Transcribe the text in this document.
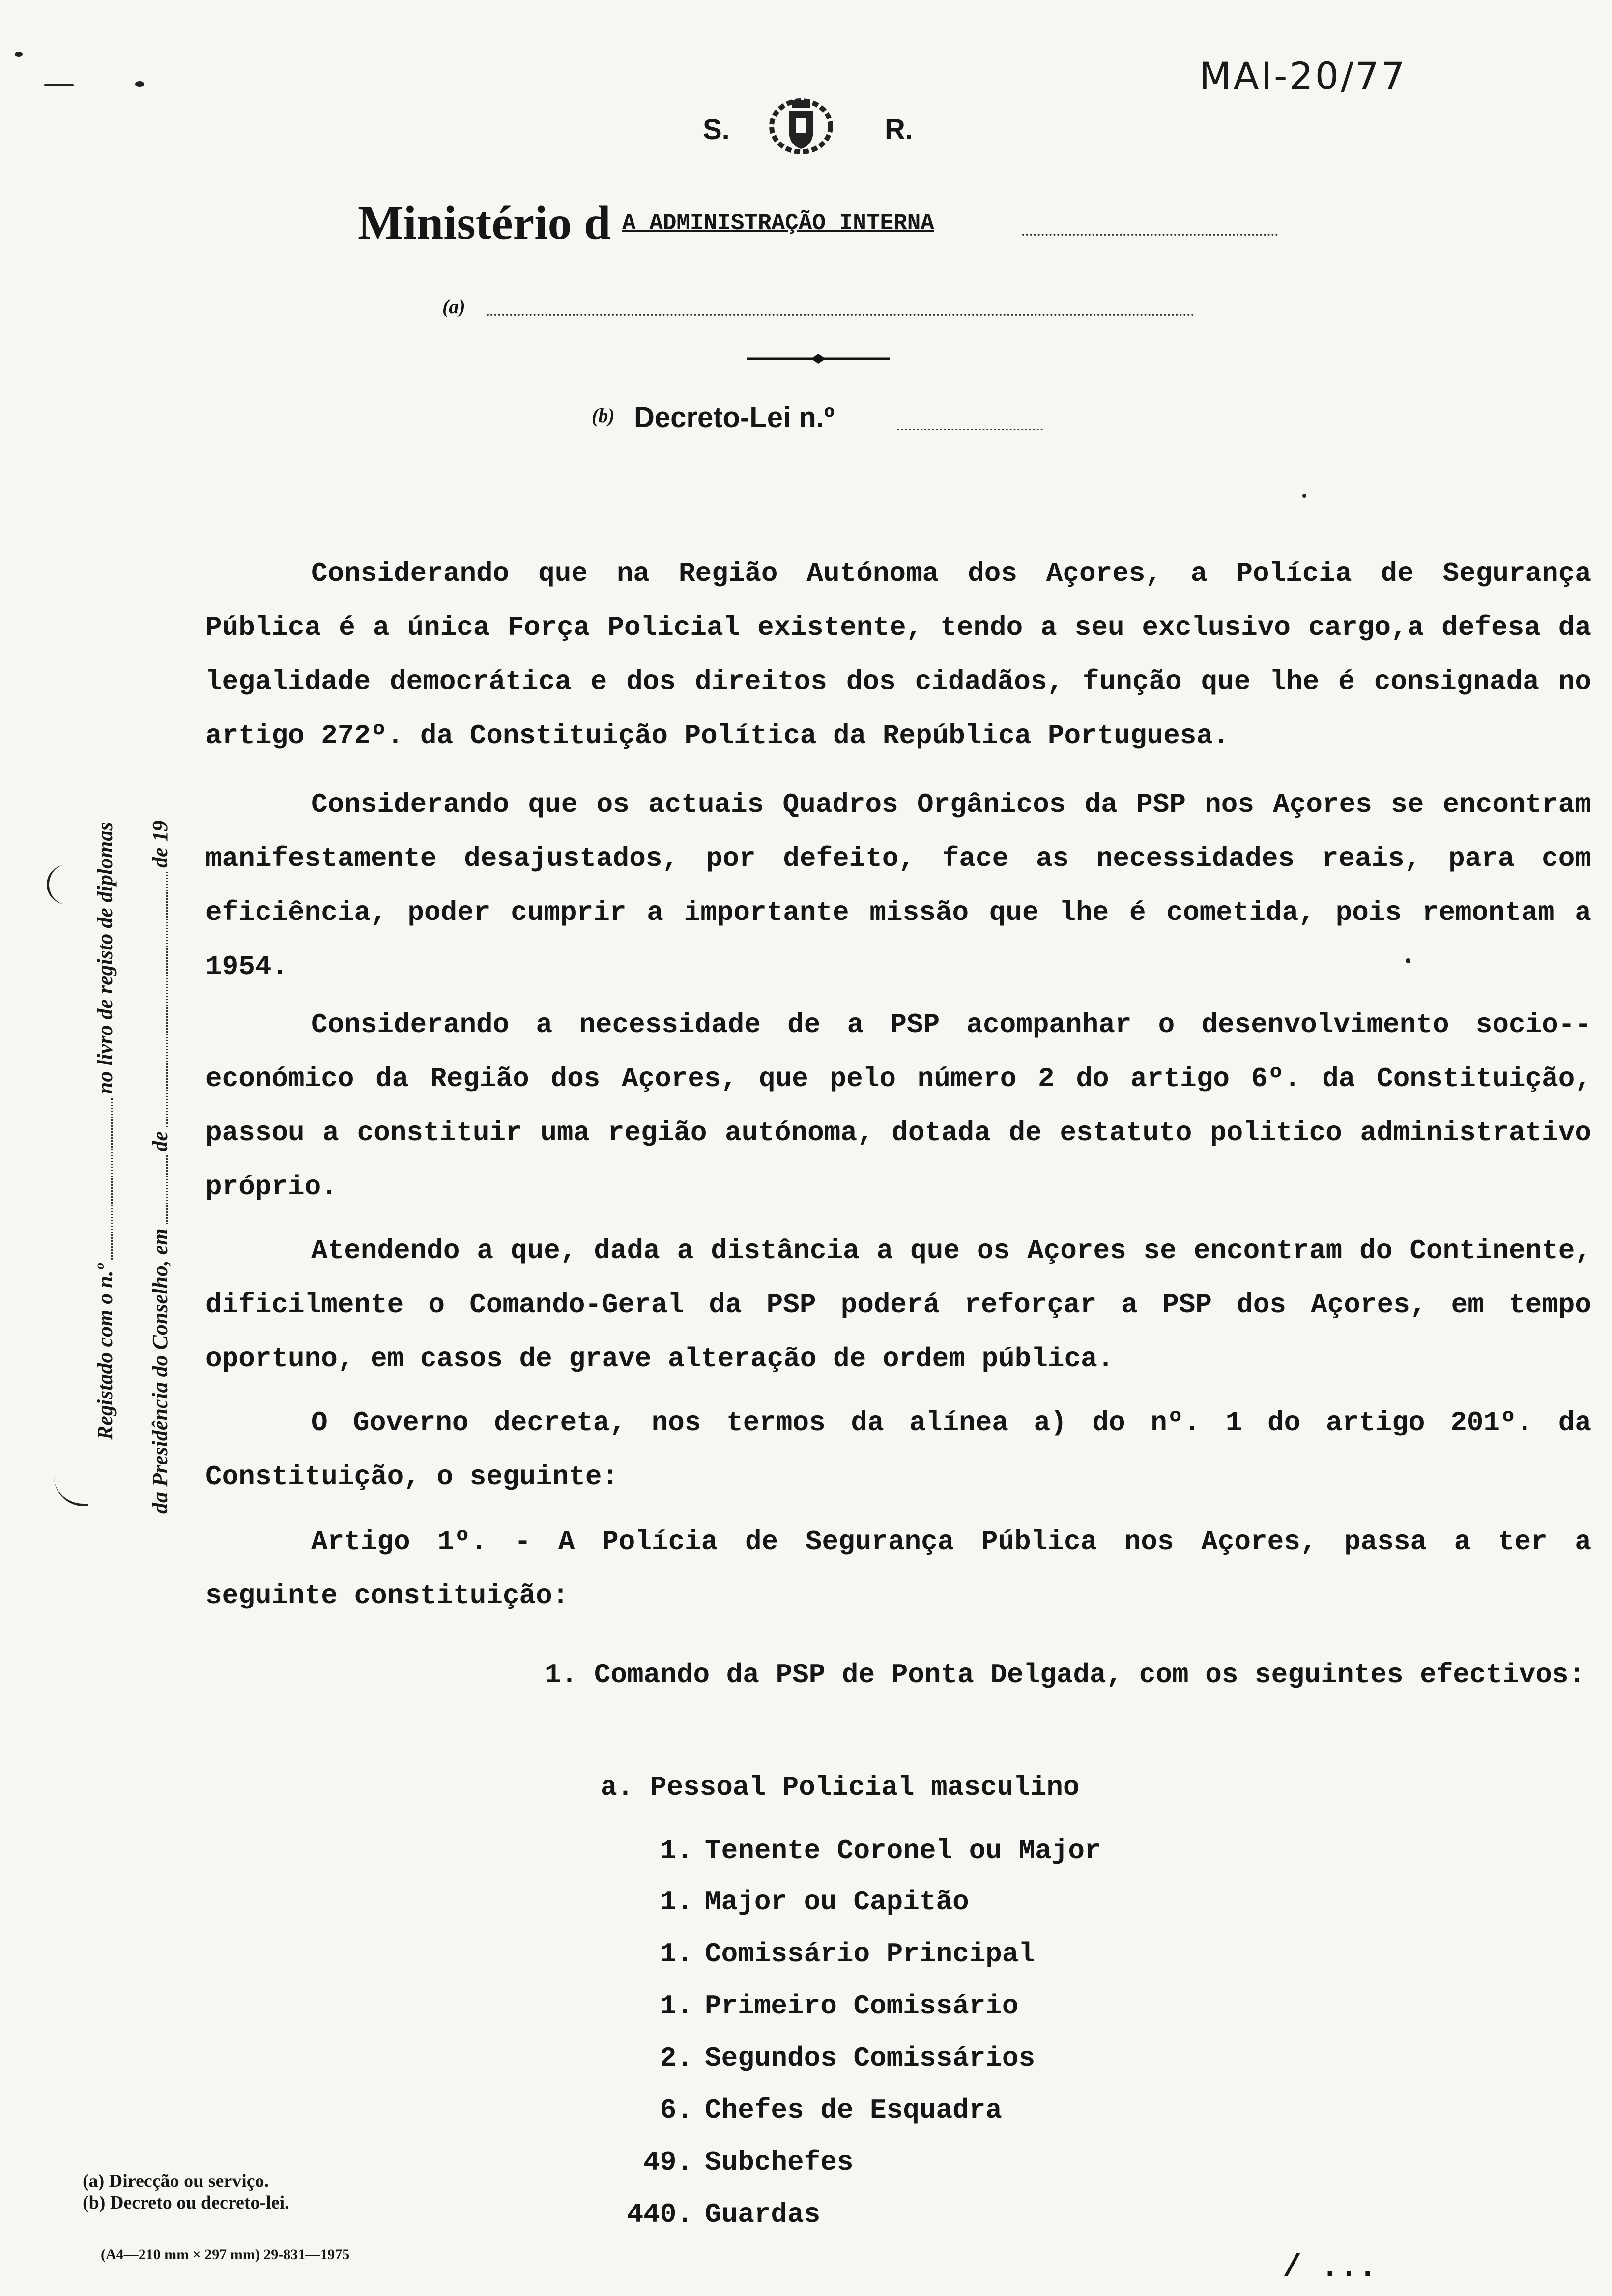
MAI-20/77
S.	R.
Ministério d A ADMINISTRAÇÃO INTERNA
(a)
(b) Decreto-Lei n.º
Registado com o n.º
no livro de registo de diplomas
da Presidência do Conselho, em
de
de 19

Considerando que na Região Autónoma dos Açores, a Polícia de Segurança Pública é a única Força Policial existente, tendo a seu exclusivo cargo,a defesa da legalidade democrática e dos direitos dos cidadãos, função que lhe é consignada no artigo 272º. da Constituição Política da República Portuguesa.

Considerando que os actuais Quadros Orgânicos da PSP nos Açores se encontram manifestamente desajustados, por defeito, face as necessidades reais, para com eficiência, poder cumprir a importante missão que lhe é cometida, pois remontam a 1954.

Considerando a necessidade de a PSP acompanhar o desenvolvimento socio--económico da Região dos Açores, que pelo número 2 do artigo 6º. da Constituição, passou a constituir uma região autónoma, dotada de estatuto politico administrativo próprio.

Atendendo a que, dada a distância a que os Açores se encontram do Continente, dificilmente o Comando-Geral da PSP poderá reforçar a PSP dos Açores, em tempo oportuno, em casos de grave alteração de ordem pública.

O Governo decreta, nos termos da alínea a) do nº. 1 do artigo 201º. da Constituição, o seguinte:

Artigo 1º. - A Polícia de Segurança Pública nos Açores, passa a ter a seguinte constituição:

1. Comando da PSP de Ponta Delgada, com os seguintes efectivos:

a. Pessoal Policial masculino
1. Tenente Coronel ou Major
1. Major ou Capitão
1. Comissário Principal
1. Primeiro Comissário
2. Segundos Comissários
6. Chefes de Esquadra
49. Subchefes
440. Guardas
(a) Direcção ou serviço.
(b) Decreto ou decreto-lei.
(A4—210 mm × 297 mm) 29-831—1975	/ ...
